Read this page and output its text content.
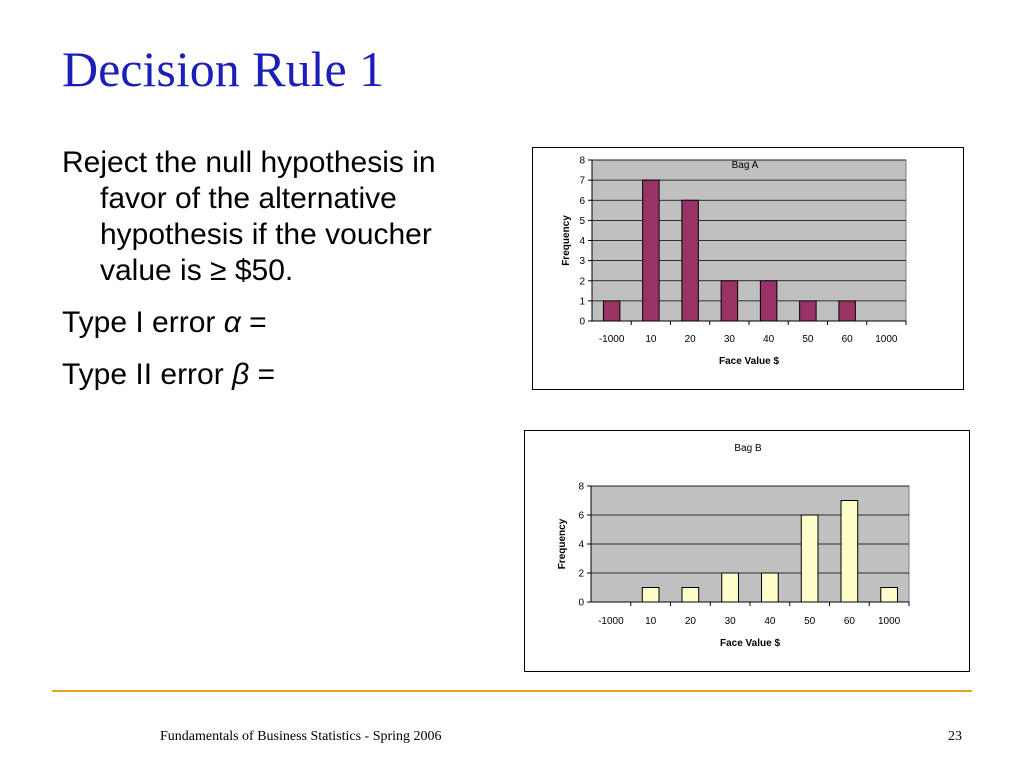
Decision Rule 1

Reject the null hypothesis in favor of the alternative hypothesis if the voucher value is ≥ $50.

Type I error α =

Type II error β =

0
1
2
3
4
5
6
7
8
-1000 10	20	30	40	50	60 1000
Bag A
Face Value $
Frequency
0
2
4
6
8
-1000 10	20	30	40	50	60 1000
Bag B
Face Value $
Frequency
Fundamentals of Business Statistics - Spring 2006	23
